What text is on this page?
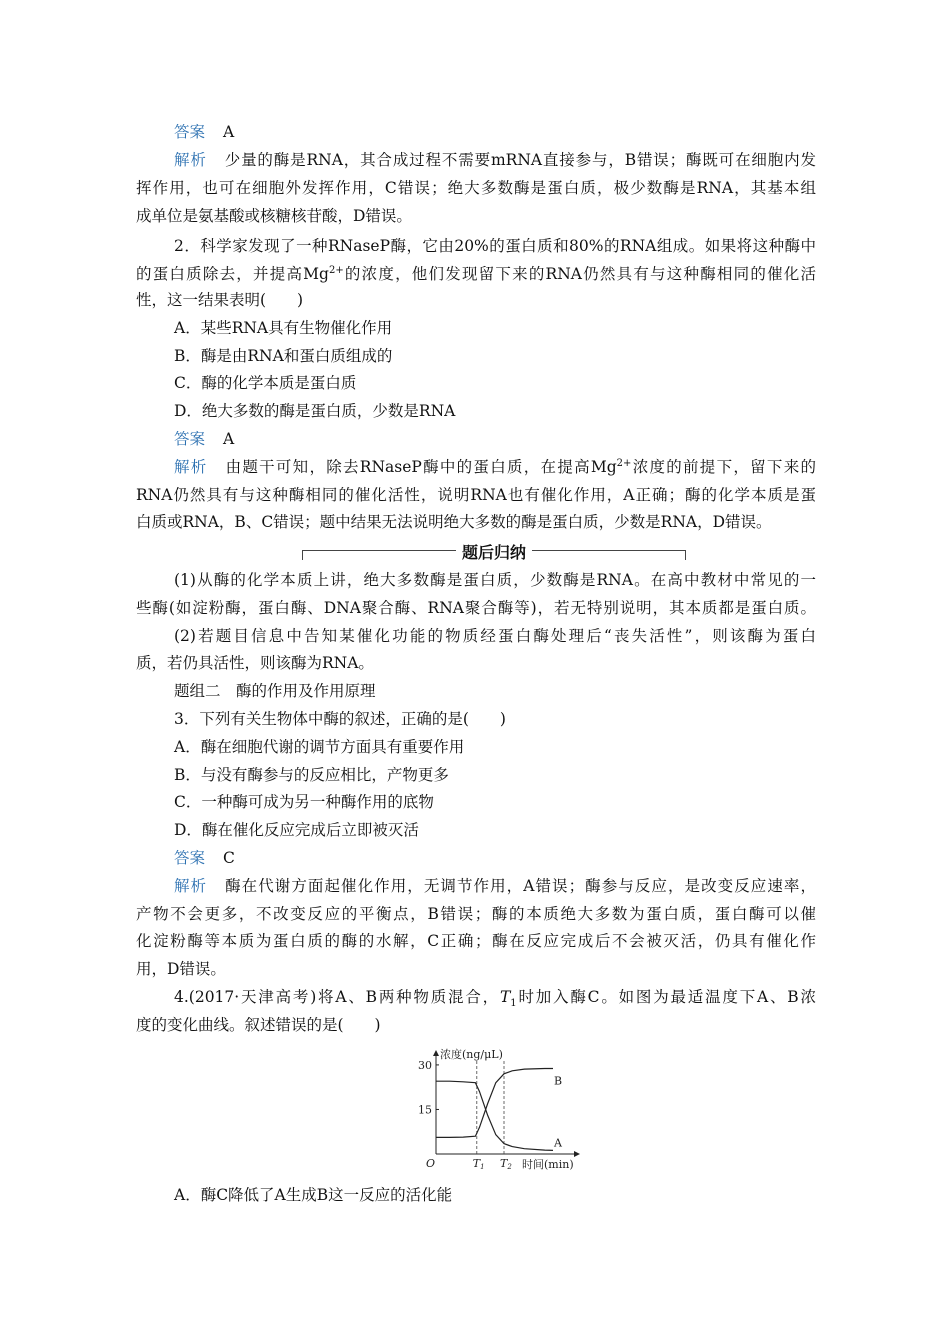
答案 A
解析 少量的酶是RNA，其合成过程不需要mRNA直接参与，B错误；酶既可在细胞内发
挥作用，也可在细胞外发挥作用，C错误；绝大多数酶是蛋白质，极少数酶是RNA，其基本组
成单位是氨基酸或核糖核苷酸，D错误。
2．科学家发现了一种RNaseP酶，它由20%的蛋白质和80%的RNA组成。如果将这种酶中
的蛋白质除去，并提高$Mg^{2+}$的浓度，他们发现留下来的RNA仍然具有与这种酶相同的催化活
性，这一结果表明(　　)
A．某些RNA具有生物催化作用
B．酶是由RNA和蛋白质组成的
C．酶的化学本质是蛋白质
D．绝大多数的酶是蛋白质，少数是RNA
答案 A
解析 由题干可知，除去RNaseP酶中的蛋白质，在提高$Mg^{2+}$浓度的前提下，留下来的
RNA仍然具有与这种酶相同的催化活性，说明RNA也有催化作用，A正确；酶的化学本质是蛋
白质或RNA，B、C错误；题中结果无法说明绝大多数的酶是蛋白质，少数是RNA，D错误。
题后归纳
(1)从酶的化学本质上讲，绝大多数酶是蛋白质，少数酶是RNA。在高中教材中常见的一
些酶(如淀粉酶，蛋白酶、DNA聚合酶、RNA聚合酶等)，若无特别说明，其本质都是蛋白质。
(2)若题目信息中告知某催化功能的物质经蛋白酶处理后“丧失活性”，则该酶为蛋白
质，若仍具活性，则该酶为RNA。
题组二　酶的作用及作用原理
3．下列有关生物体中酶的叙述，正确的是(　　)
A．酶在细胞代谢的调节方面具有重要作用
B．与没有酶参与的反应相比，产物更多
C．一种酶可成为另一种酶作用的底物
D．酶在催化反应完成后立即被灭活
答案 C
解析 酶在代谢方面起催化作用，无调节作用，A错误；酶参与反应，是改变反应速率，
产物不会更多，不改变反应的平衡点，B错误；酶的本质绝大多数为蛋白质，蛋白酶可以催
化淀粉酶等本质为蛋白质的酶的水解，C正确；酶在反应完成后不会被灭活，仍具有催化作
用，D错误。
4.(2017·天津高考)将A、B两种物质混合，$T_1$时加入酶C。如图为最适温度下A、B浓
度的变化曲线。叙述错误的是(　　)
浓度(ng/μL)
15
30
O	T1 T2 时间(min)
B
A
A．酶C降低了A生成B这一反应的活化能
